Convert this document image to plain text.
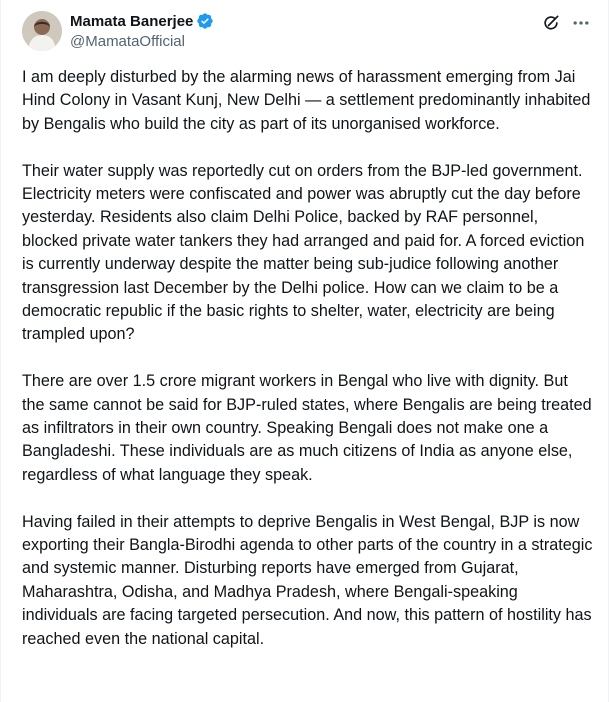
Mamata Banerjee
@MamataOfficial

I am deeply disturbed by the alarming news of harassment emerging from Jai Hind Colony in Vasant Kunj, New Delhi — a settlement predominantly inhabited by Bengalis who build the city as part of its unorganised workforce.

Their water supply was reportedly cut on orders from the BJP-led government. Electricity meters were confiscated and power was abruptly cut the day before yesterday. Residents also claim Delhi Police, backed by RAF personnel, blocked private water tankers they had arranged and paid for. A forced eviction is currently underway despite the matter being sub-judice following another transgression last December by the Delhi police. How can we claim to be a democratic republic if the basic rights to shelter, water, electricity are being trampled upon?

There are over 1.5 crore migrant workers in Bengal who live with dignity. But the same cannot be said for BJP-ruled states, where Bengalis are being treated as infiltrators in their own country. Speaking Bengali does not make one a Bangladeshi. These individuals are as much citizens of India as anyone else, regardless of what language they speak.

Having failed in their attempts to deprive Bengalis in West Bengal, BJP is now exporting their Bangla-Birodhi agenda to other parts of the country in a strategic and systemic manner. Disturbing reports have emerged from Gujarat, Maharashtra, Odisha, and Madhya Pradesh, where Bengali-speaking individuals are facing targeted persecution. And now, this pattern of hostility has reached even the national capital.
